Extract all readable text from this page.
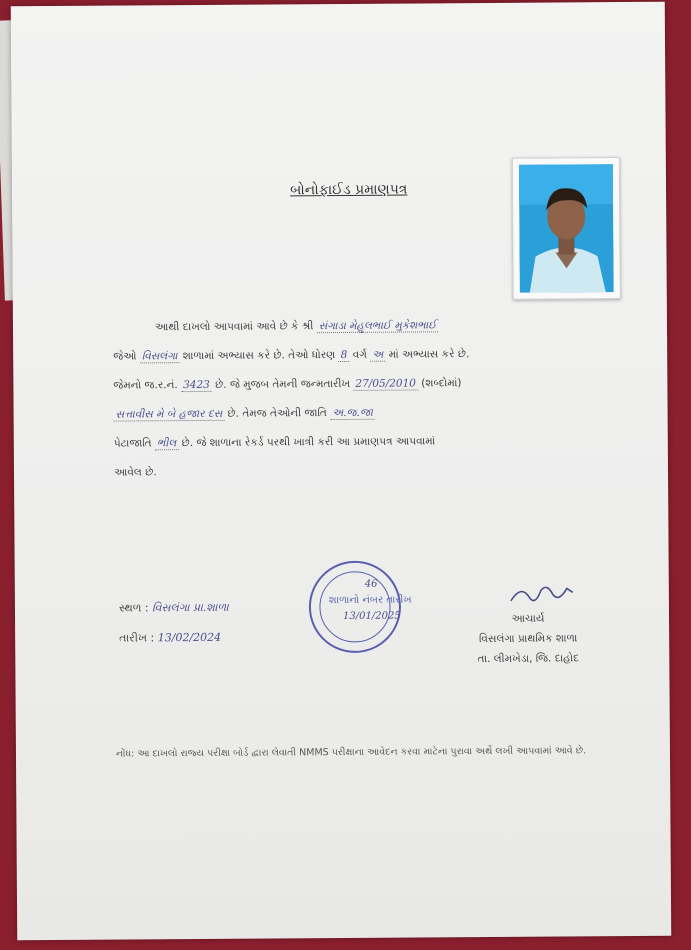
બોનોફાઈડ પ્રમાણપત્ર
આથી દાખલો આપવામાં આવે છે કે શ્રી સંગાડા મેહુલભાઈ મુકેશભાઈ
જેઓ વિસલંગા શાળામાં અભ્યાસ કરે છે. તેઓ ધોરણ 8 વર્ગ અ માં અભ્યાસ કરે છે.
જેમનો જ.ર.નં. 3423 છે. જે મુજબ તેમની જન્મતારીખ 27/05/2010 (શબ્દોમાં)
સત્તાવીસ મે બે હજાર દસ છે. તેમજ તેઓની જાતિ અ.જ.જા
પેટાજાતિ ભીલ છે. જે શાળાના રેકર્ડ પરથી ખાત્રી કરી આ પ્રમાણપત્ર આપવામાં
આવેલ છે.
સ્થળ : વિસલંગા પ્રા.શાળા
તારીખ : 13/02/2024
શાળાનો નંબર તારીખ
46
13/01/2025	આચાર્ય
વિસલંગા પ્રાથમિક શાળા
તા. લીમખેડા, જિ. દાહોદ
નોંધ: આ દાખલો રાજ્ય પરીક્ષા બોર્ડ દ્વારા લેવાતી NMMS પરીક્ષાના આવેદન કરવા માટેના પુરાવા અર્થે લખી આપવામાં આવે છે.
